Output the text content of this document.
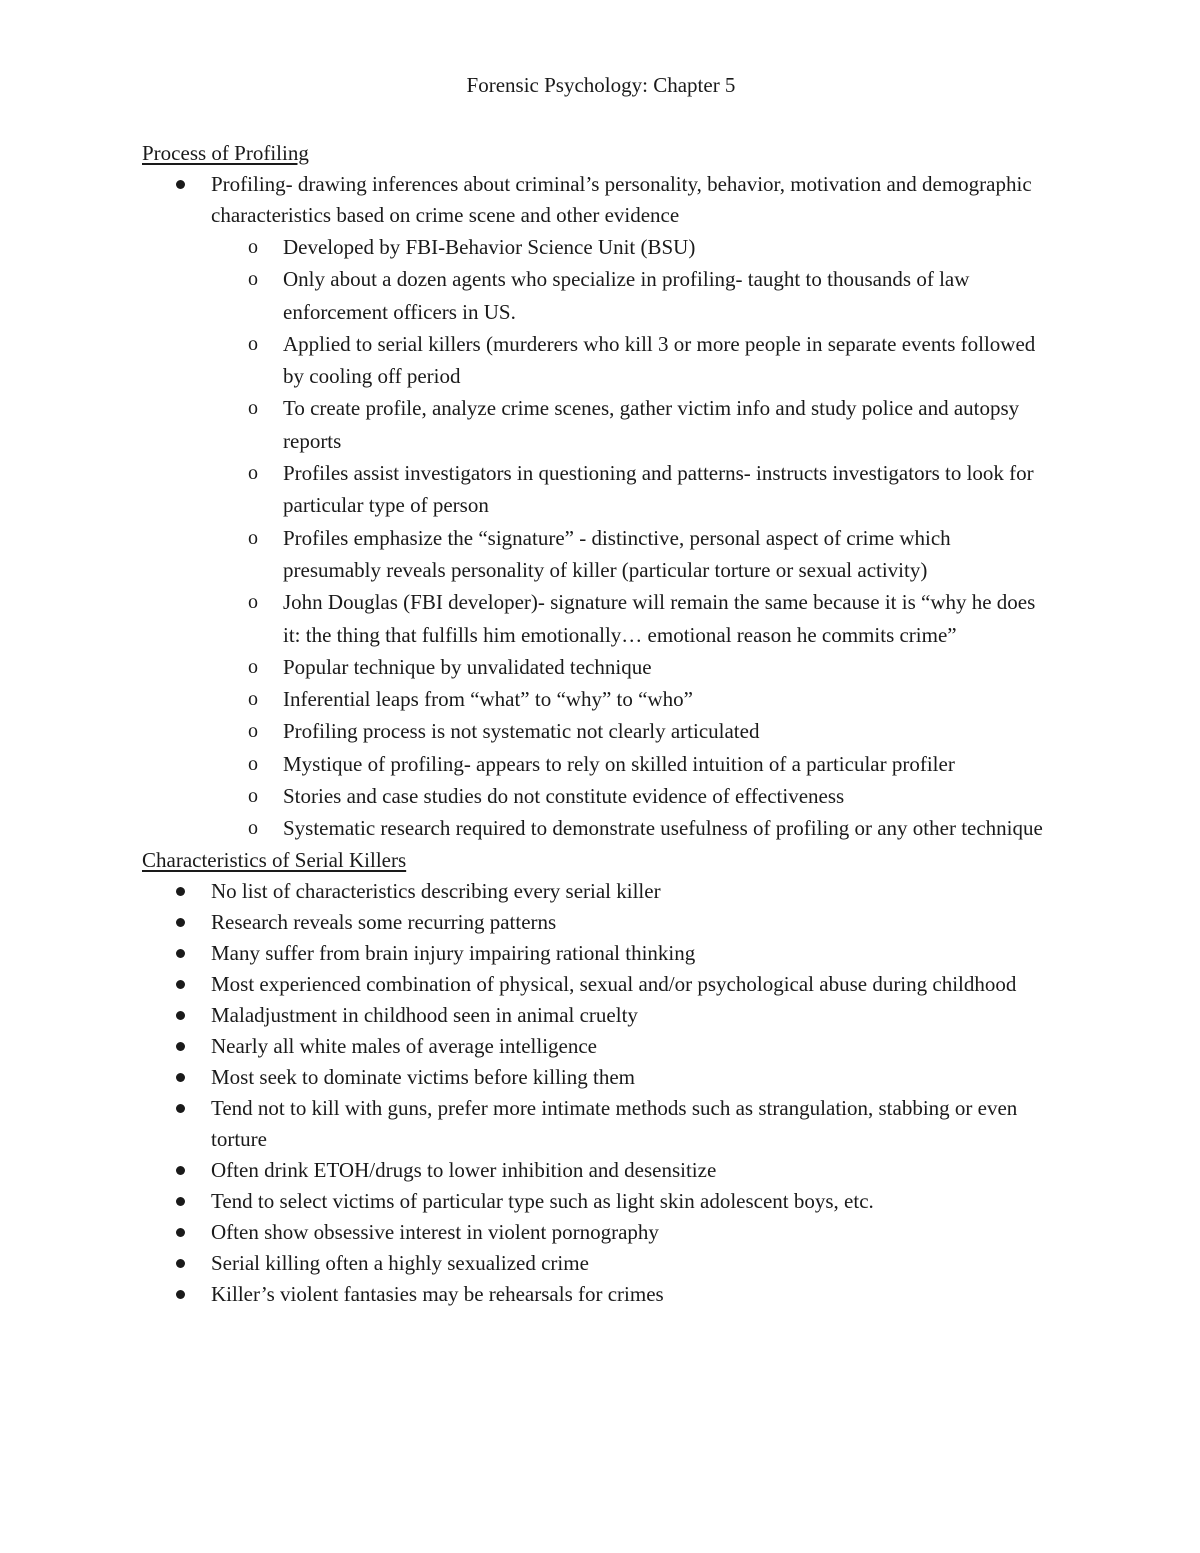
Forensic Psychology: Chapter 5
Process of Profiling
Profiling- drawing inferences about criminal’s personality, behavior, motivation and demographic characteristics based on crime scene and other evidence
o Developed by FBI-Behavior Science Unit (BSU)
o Only about a dozen agents who specialize in profiling- taught to thousands of law enforcement officers in US.
o Applied to serial killers (murderers who kill 3 or more people in separate events followed by cooling off period
o To create profile, analyze crime scenes, gather victim info and study police and autopsy reports
o Profiles assist investigators in questioning and patterns- instructs investigators to look for particular type of person
o Profiles emphasize the “signature” - distinctive, personal aspect of crime which presumably reveals personality of killer (particular torture or sexual activity)
o John Douglas (FBI developer)- signature will remain the same because it is “why he does it: the thing that fulfills him emotionally… emotional reason he commits crime”
o Popular technique by unvalidated technique
o Inferential leaps from “what” to “why” to “who”
o Profiling process is not systematic not clearly articulated
o Mystique of profiling- appears to rely on skilled intuition of a particular profiler
o Stories and case studies do not constitute evidence of effectiveness
o Systematic research required to demonstrate usefulness of profiling or any other technique
Characteristics of Serial Killers
No list of characteristics describing every serial killer
Research reveals some recurring patterns
Many suffer from brain injury impairing rational thinking
Most experienced combination of physical, sexual and/or psychological abuse during childhood
Maladjustment in childhood seen in animal cruelty
Nearly all white males of average intelligence
Most seek to dominate victims before killing them
Tend not to kill with guns, prefer more intimate methods such as strangulation, stabbing or even torture
Often drink ETOH/drugs to lower inhibition and desensitize
Tend to select victims of particular type such as light skin adolescent boys, etc.
Often show obsessive interest in violent pornography
Serial killing often a highly sexualized crime
Killer’s violent fantasies may be rehearsals for crimes
